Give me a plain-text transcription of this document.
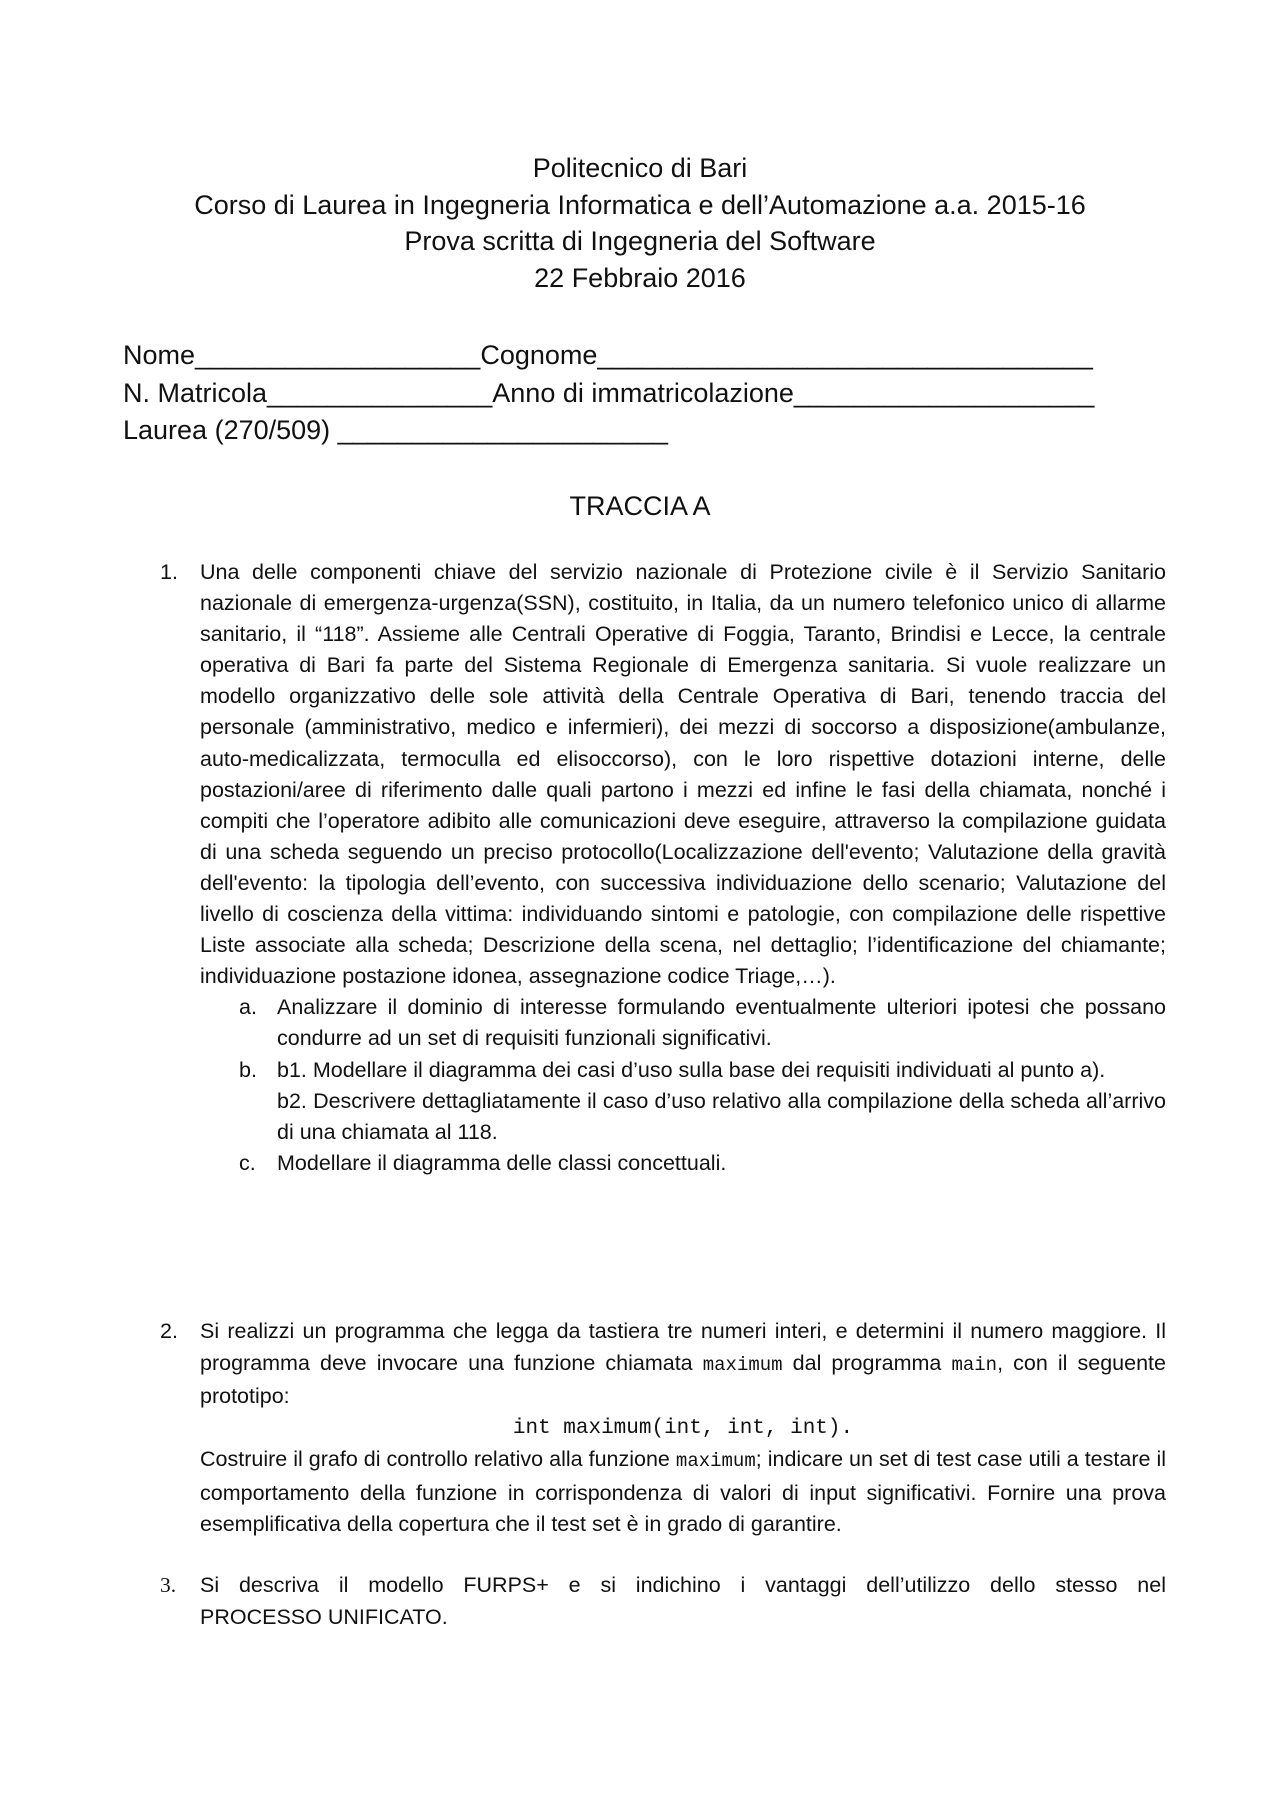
Politecnico di Bari
Corso di Laurea in Ingegneria Informatica e dell’Automazione a.a. 2015-16
Prova scritta di Ingegneria del Software
22 Febbraio 2016
Nome___________________Cognome_________________________________
N. Matricola_______________Anno di immatricolazione____________________
Laurea (270/509) ______________________
TRACCIA A
1. Una delle componenti chiave del servizio nazionale di Protezione civile è il Servizio Sanitario nazionale di emergenza-urgenza(SSN), costituito, in Italia, da un numero telefonico unico di allarme sanitario, il “118”. Assieme alle Centrali Operative di Foggia, Taranto, Brindisi e Lecce, la centrale operativa di Bari fa parte del Sistema Regionale di Emergenza sanitaria. Si vuole realizzare un modello organizzativo delle sole attività della Centrale Operativa di Bari, tenendo traccia del personale (amministrativo, medico e infermieri), dei mezzi di soccorso a disposizione(ambulanze, auto-medicalizzata, termoculla ed elisoccorso), con le loro rispettive dotazioni interne, delle postazioni/aree di riferimento dalle quali partono i mezzi ed infine le fasi della chiamata, nonché i compiti che l’operatore adibito alle comunicazioni deve eseguire, attraverso la compilazione guidata di una scheda seguendo un preciso protocollo(Localizzazione dell'evento; Valutazione della gravità dell'evento: la tipologia dell’evento, con successiva individuazione dello scenario; Valutazione del livello di coscienza della vittima: individuando sintomi e patologie, con compilazione delle rispettive Liste associate alla scheda; Descrizione della scena, nel dettaglio; l’identificazione del chiamante; individuazione postazione idonea, assegnazione codice Triage,…).
a. Analizzare il dominio di interesse formulando eventualmente ulteriori ipotesi che possano condurre ad un set di requisiti funzionali significativi.

b. b1. Modellare il diagramma dei casi d’uso sulla base dei requisiti individuati al punto a).

b2. Descrivere dettagliatamente il caso d’uso relativo alla compilazione della scheda all’arrivo di una chiamata al 118.

c. Modellare il diagramma delle classi concettuali.

2. Si realizzi un programma che legga da tastiera tre numeri interi, e determini il numero maggiore. Il programma deve invocare una funzione chiamata maximum dal programma main, con il seguente prototipo:
int maximum(int, int, int).
Costruire il grafo di controllo relativo alla funzione maximum; indicare un set di test case utili a testare il comportamento della funzione in corrispondenza di valori di input significativi. Fornire una prova esemplificativa della copertura che il test set è in grado di garantire.
3. Si descriva il modello FURPS+ e si indichino i vantaggi dell’utilizzo dello stesso nel
PROCESSO UNIFICATO.
